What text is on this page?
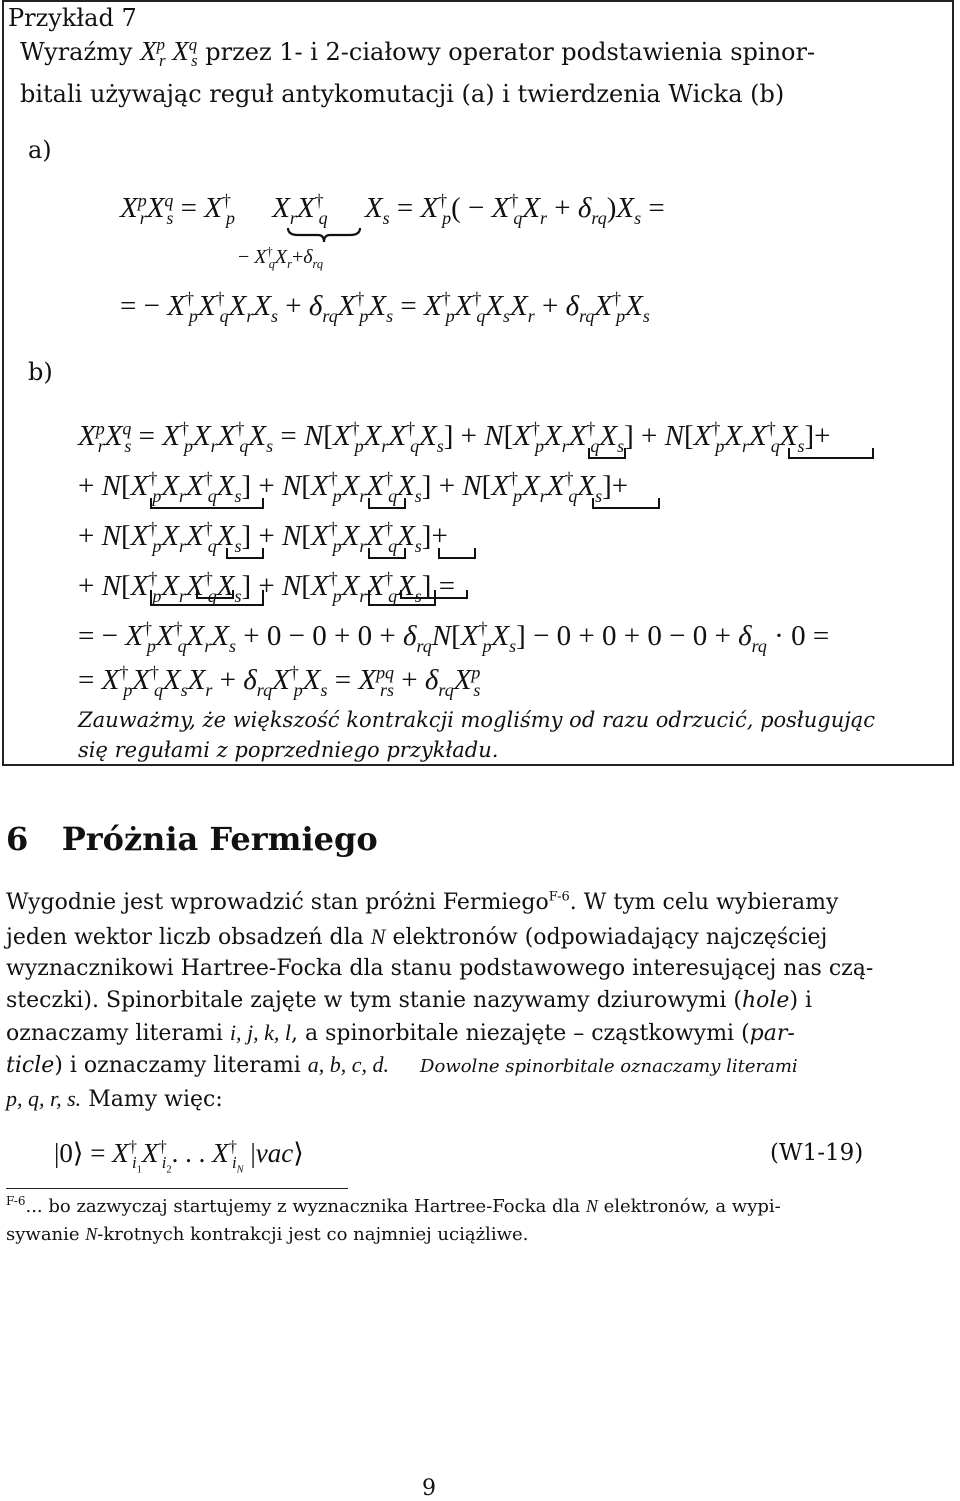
Przykład 7
Wyraźmy $X^p_r$ $X^q_s$ przez 1- i 2-ciałowy operator podstawienia spinor-
bitali używając reguł antykomutacji (a) i twierdzenia Wicka (b)
a)
$X^p_rX^q_s = X^\dagger_p$ $X_rX^\dagger_q$ $X_s = X^\dagger_p( - X^\dagger_qX_r + \delta_{rq})X_s$ =
− $X^\dagger_qX_r+\delta_{rq}$
= − $X^\dagger_pX^\dagger_qX_rX_s + \delta_{rq}X^\dagger_pX_s = X^\dagger_pX^\dagger_qX_sX_r + \delta_{rq}X^\dagger_pX_s$
b)
$X^p_rX^q_s = X^\dagger_pX_rX^\dagger_qX_s = N[X^\dagger_pX_rX^\dagger_qX_s] + N[X^\dagger_pX_rX^\dagger_qX_s] + N[X^\dagger_pX_rX^\dagger_qX_s]+$
+ $N[X^\dagger_pX_rX^\dagger_qX_s] + N[X^\dagger_pX_rX^\dagger_qX_s] + N[X^\dagger_pX_rX^\dagger_qX_s]+$
+ $N[X^\dagger_pX_rX^\dagger_qX_s] + N[X^\dagger_pX_rX^\dagger_qX_s]+$
+ $N[X^\dagger_pX_rX^\dagger_qX_s] + N[X^\dagger_pX_rX^\dagger_qX_s]$ =
= − $X^\dagger_pX^\dagger_qX_rX_s + 0 - 0 + 0 + \delta_{rq}N[X^\dagger_pX_s] - 0 + 0 + 0 - 0 + \delta_{rq} \cdot 0$ =
= $X^\dagger_pX^\dagger_qX_sX_r + \delta_{rq}X^\dagger_pX_s = X^{pq}_{rs} + \delta_{rq}X^p_s$
Zauważmy, że większość kontrakcji mogliśmy od razu odrzucić, posługując
się regułami z poprzedniego przykładu.
6 Próżnia Fermiego
Wygodnie jest wprowadzić stan próżni Fermiego$^{F-6}$. W tym celu wybieramy
jeden wektor liczb obsadzeń dla N elektronów (odpowiadający najczęściej
wyznacznikowi Hartree-Focka dla stanu podstawowego interesującej nas czą-
steczki). Spinorbitale zajęte w tym stanie nazywamy dziurowymi (hole) i
oznaczamy literami i, j, k, l, a spinorbitale niezajęte – cząstkowymi (par-
ticle) i oznaczamy literami a, b, c, d. Dowolne spinorbitale oznaczamy literami
p, q, r, s. Mamy więc:
|0⟩ = $X^\dagger_{i_1}X^\dagger_{i_2}$. . . $X^\dagger_{i_N}$ |vac⟩	(W1-19)
$^{F-6}$... bo zazwyczaj startujemy z wyznacznika Hartree-Focka dla N elektronów, a wypi-
sywanie N-krotnych kontrakcji jest co najmniej uciążliwe.
9
